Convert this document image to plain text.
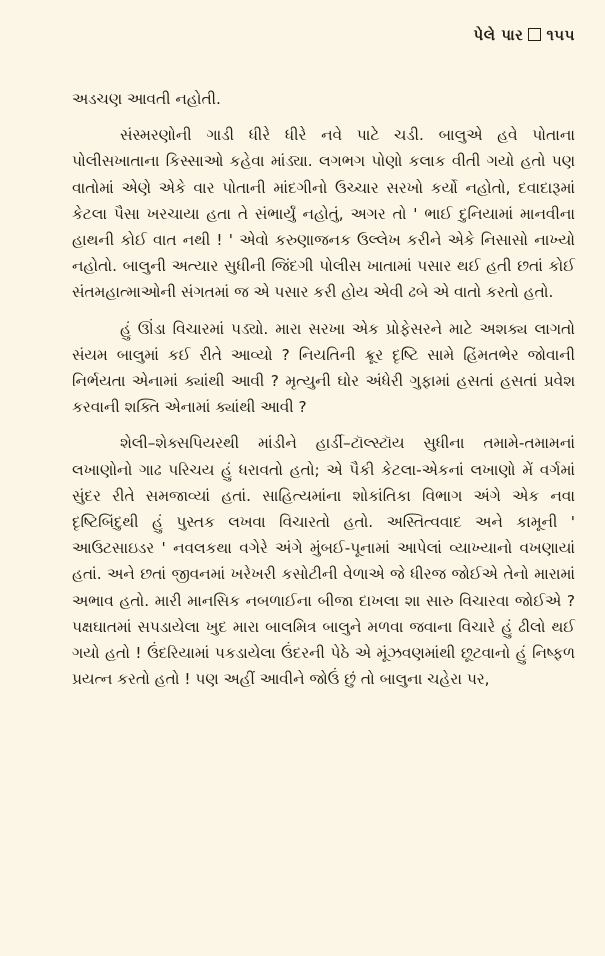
પેલે પાર ૧૫૫

અડચણ આવતી નહોતી.

સંસ્મરણોની ગાડી ધીરે ધીરે નવે પાટે ચડી. બાલુએ હવે પોતાના પોલીસખાતાના કિસ્સાઓ કહેવા માંડ્યા. લગભગ પોણો કલાક વીતી ગયો હતો પણ વાતોમાં એણે એકે વાર પોતાની માંદગીનો ઉચ્ચાર સરખો કર્યો નહોતો, દવાદારૂમાં કેટલા પૈસા ખરચાયા હતા તે સંભાર્યું નહોતું, અગર તો ' ભાઈ દુનિયામાં માનવીના હાથની કોઈ વાત નથી ! ' એવો કરુણાજનક ઉલ્લેખ કરીને એકે નિસાસો નાખ્યો નહોતો. બાલુની અત્યાર સુધીની જિંદગી પોલીસ ખાતામાં પસાર થઈ હતી છતાં કોઈ સંતમહાત્માઓની સંગતમાં જ એ પસાર કરી હોય એવી ઢબે એ વાતો કરતો હતો.

હું ઊંડા વિચારમાં પડ્યો. મારા સરખા એક પ્રોફેસરને માટે અશક્ય લાગતો સંયમ બાલુમાં કઈ રીતે આવ્યો ? નિયતિની ક્રૂર દૃષ્ટિ સામે હિંમતભેર જોવાની નિર્ભયતા એનામાં ક્યાંથી આવી ? મૃત્યુની ઘોર અંધેરી ગુફામાં હસતાં હસતાં પ્રવેશ કરવાની શક્તિ એનામાં ક્યાંથી આવી ?

શેલી–શેક્સપિયરથી માંડીને હાર્ડી–ટૉલ્સ્ટૉય સુધીના તમામે-તમામનાં લખાણોનો ગાઢ પરિચય હું ધરાવતો હતો; એ પૈકી કેટલા-એકનાં લખાણો મેં વર્ગમાં સુંદર રીતે સમજાવ્યાં હતાં. સાહિત્યમાંના શોકાંતિકા વિભાગ અંગે એક નવા દૃષ્ટિબિંદુથી હું પુસ્તક લખવા વિચારતો હતો. અસ્તિત્વવાદ અને કામૂની ' આઉટસાઇડર ' નવલકથા વગેરે અંગે મુંબઈ-પૂનામાં આપેલાં વ્યાખ્યાનો વખણાયાં હતાં. અને છતાં જીવનમાં ખરેખરી કસોટીની વેળાએ જે ધીરજ જોઈએ તેનો મારામાં અભાવ હતો. મારી માનસિક નબળાઈના બીજા દાખલા શા સારુ વિચારવા જોઈએ ? પક્ષઘાતમાં સપડાયેલા ખુદ મારા બાલમિત્ર બાલુને મળવા જવાના વિચારે હું ઢીલો થઈ ગયો હતો ! ઉંદરિયામાં પકડાયેલા ઉંદરની પેઠે એ મૂંઝવણમાંથી છૂટવાનો હું નિષ્ફળ પ્રયત્ન કરતો હતો ! પણ અહીં આવીને જોઉં છું તો બાલુના ચહેરા પર,
